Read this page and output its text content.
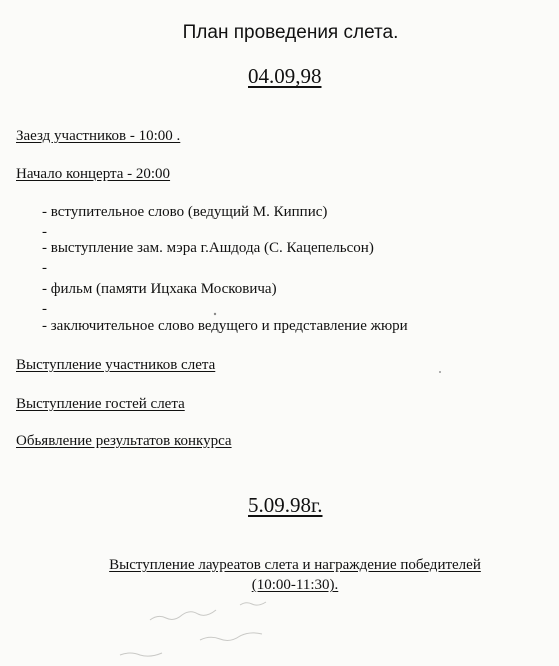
План проведения слета.
04.09,98
Заезд участников - 10:00 .
Начало концерта - 20:00
- вступительное слово (ведущий М. Киппис)
-
- выступление зам. мэра г.Ашдода (С. Кацепельсон)
-
- фильм (памяти Ицхака Московича)
-
- заключительное слово ведущего и представление жюри
Выступление участников слета
Выступление гостей слета
Обьявление результатов конкурса
5.09.98г.
Выступление лауреатов слета и награждение победителей
(10:00-11:30).
